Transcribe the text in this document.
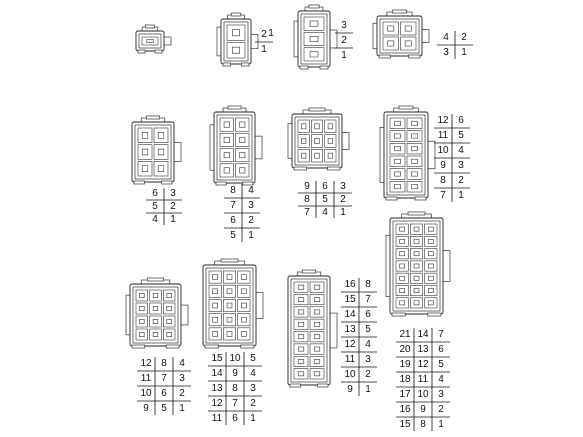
1
2
1
3
2
1
4 2
3 1
6 3
5 2
4 1
8 4
7 3
6 2
5 1
9 6 3
8 5 2
7 4 1
12 6
11 5
10 4
9 3
8 2
7 1
12 8 4
11 7 3
10 6 2
9 5 1
15 10 5
14 9 4
13 8 3
12 7 2
11 6 1
16 8
15 7
14 6
13 5
12 4
11 3
10 2
9 1
21 14 7
20 13 6
19 12 5
18 11 4
17 10 3
16 9 2
15 8 1
